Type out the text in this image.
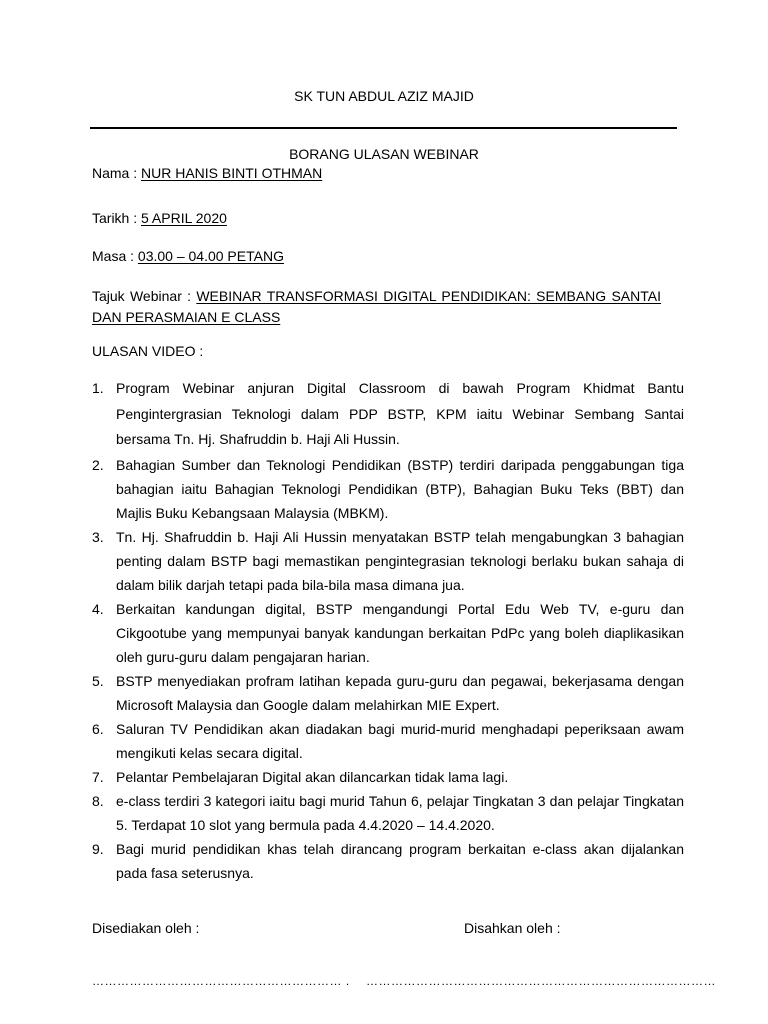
SK TUN ABDUL AZIZ MAJID
BORANG ULASAN WEBINAR
Nama : NUR HANIS BINTI OTHMAN
Tarikh : 5 APRIL 2020
Masa : 03.00 – 04.00 PETANG
Tajuk Webinar : WEBINAR TRANSFORMASI DIGITAL PENDIDIKAN: SEMBANG SANTAI DAN PERASMAIAN E CLASS
ULASAN VIDEO :
1. Program Webinar anjuran Digital Classroom di bawah Program Khidmat Bantu Pengintergrasian Teknologi dalam PDP BSTP, KPM iaitu Webinar Sembang Santai bersama Tn. Hj. Shafruddin b. Haji Ali Hussin.
2. Bahagian Sumber dan Teknologi Pendidikan (BSTP) terdiri daripada penggabungan tiga bahagian iaitu Bahagian Teknologi Pendidikan (BTP), Bahagian Buku Teks (BBT) dan Majlis Buku Kebangsaan Malaysia (MBKM).
3. Tn. Hj. Shafruddin b. Haji Ali Hussin menyatakan BSTP telah mengabungkan 3 bahagian penting dalam BSTP bagi memastikan pengintegrasian teknologi berlaku bukan sahaja di dalam bilik darjah tetapi pada bila-bila masa dimana jua.
4. Berkaitan kandungan digital, BSTP mengandungi Portal Edu Web TV, e-guru dan Cikgootube yang mempunyai banyak kandungan berkaitan PdPc yang boleh diaplikasikan oleh guru-guru dalam pengajaran harian.
5. BSTP menyediakan profram latihan kepada guru-guru dan pegawai, bekerjasama dengan Microsoft Malaysia dan Google dalam melahirkan MIE Expert.
6. Saluran TV Pendidikan akan diadakan bagi murid-murid menghadapi peperiksaan awam mengikuti kelas secara digital.
7. Pelantar Pembelajaran Digital akan dilancarkan tidak lama lagi.
8. e-class terdiri 3 kategori iaitu bagi murid Tahun 6, pelajar Tingkatan 3 dan pelajar Tingkatan 5. Terdapat 10 slot yang bermula pada 4.4.2020 – 14.4.2020.
9. Bagi murid pendidikan khas telah dirancang program berkaitan e-class akan dijalankan pada fasa seterusnya.
Disediakan oleh :	Disahkan oleh :
…………………………………………………… . …………………………………………………………………………
